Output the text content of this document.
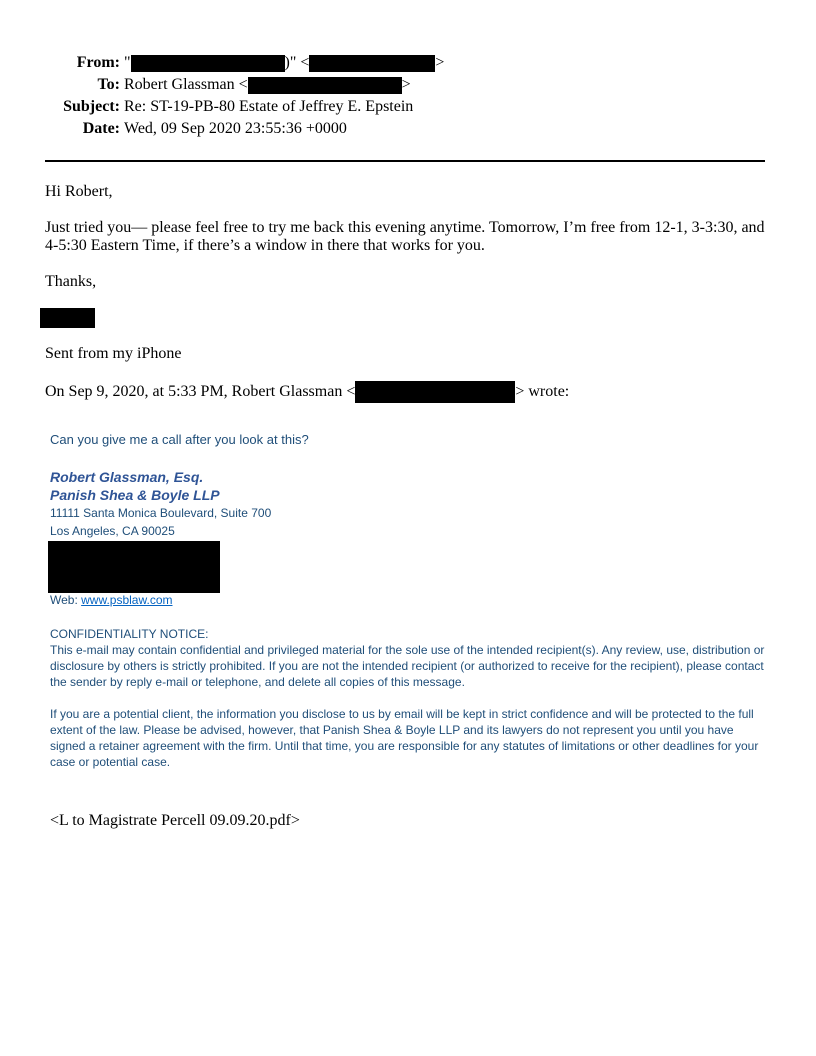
From: "	)" <	>
To: Robert Glassman <	>
Subject: Re: ST-19-PB-80 Estate of Jeffrey E. Epstein
Date: Wed, 09 Sep 2020 23:55:36 +0000
Hi Robert,
Just tried you— please feel free to try me back this evening anytime. Tomorrow, I’m free from 12-1, 3-3:30, and 4-5:30 Eastern Time, if there’s a window in there that works for you.
Thanks,
Sent from my iPhone
On Sep 9, 2020, at 5:33 PM, Robert Glassman <	> wrote:
Can you give me a call after you look at this?
Robert Glassman, Esq.
Panish Shea & Boyle LLP
11111 Santa Monica Boulevard, Suite 700
Los Angeles, CA 90025
Web: www.psblaw.com
CONFIDENTIALITY NOTICE:
This e-mail may contain confidential and privileged material for the sole use of the intended recipient(s). Any review, use, distribution or disclosure by others is strictly prohibited. If you are not the intended recipient (or authorized to receive for the recipient), please contact the sender by reply e-mail or telephone, and delete all copies of this message.
If you are a potential client, the information you disclose to us by email will be kept in strict confidence and will be protected to the full extent of the law. Please be advised, however, that Panish Shea & Boyle LLP and its lawyers do not represent you until you have signed a retainer agreement with the firm. Until that time, you are responsible for any statutes of limitations or other deadlines for your case or potential case.
<L to Magistrate Percell 09.09.20.pdf>
